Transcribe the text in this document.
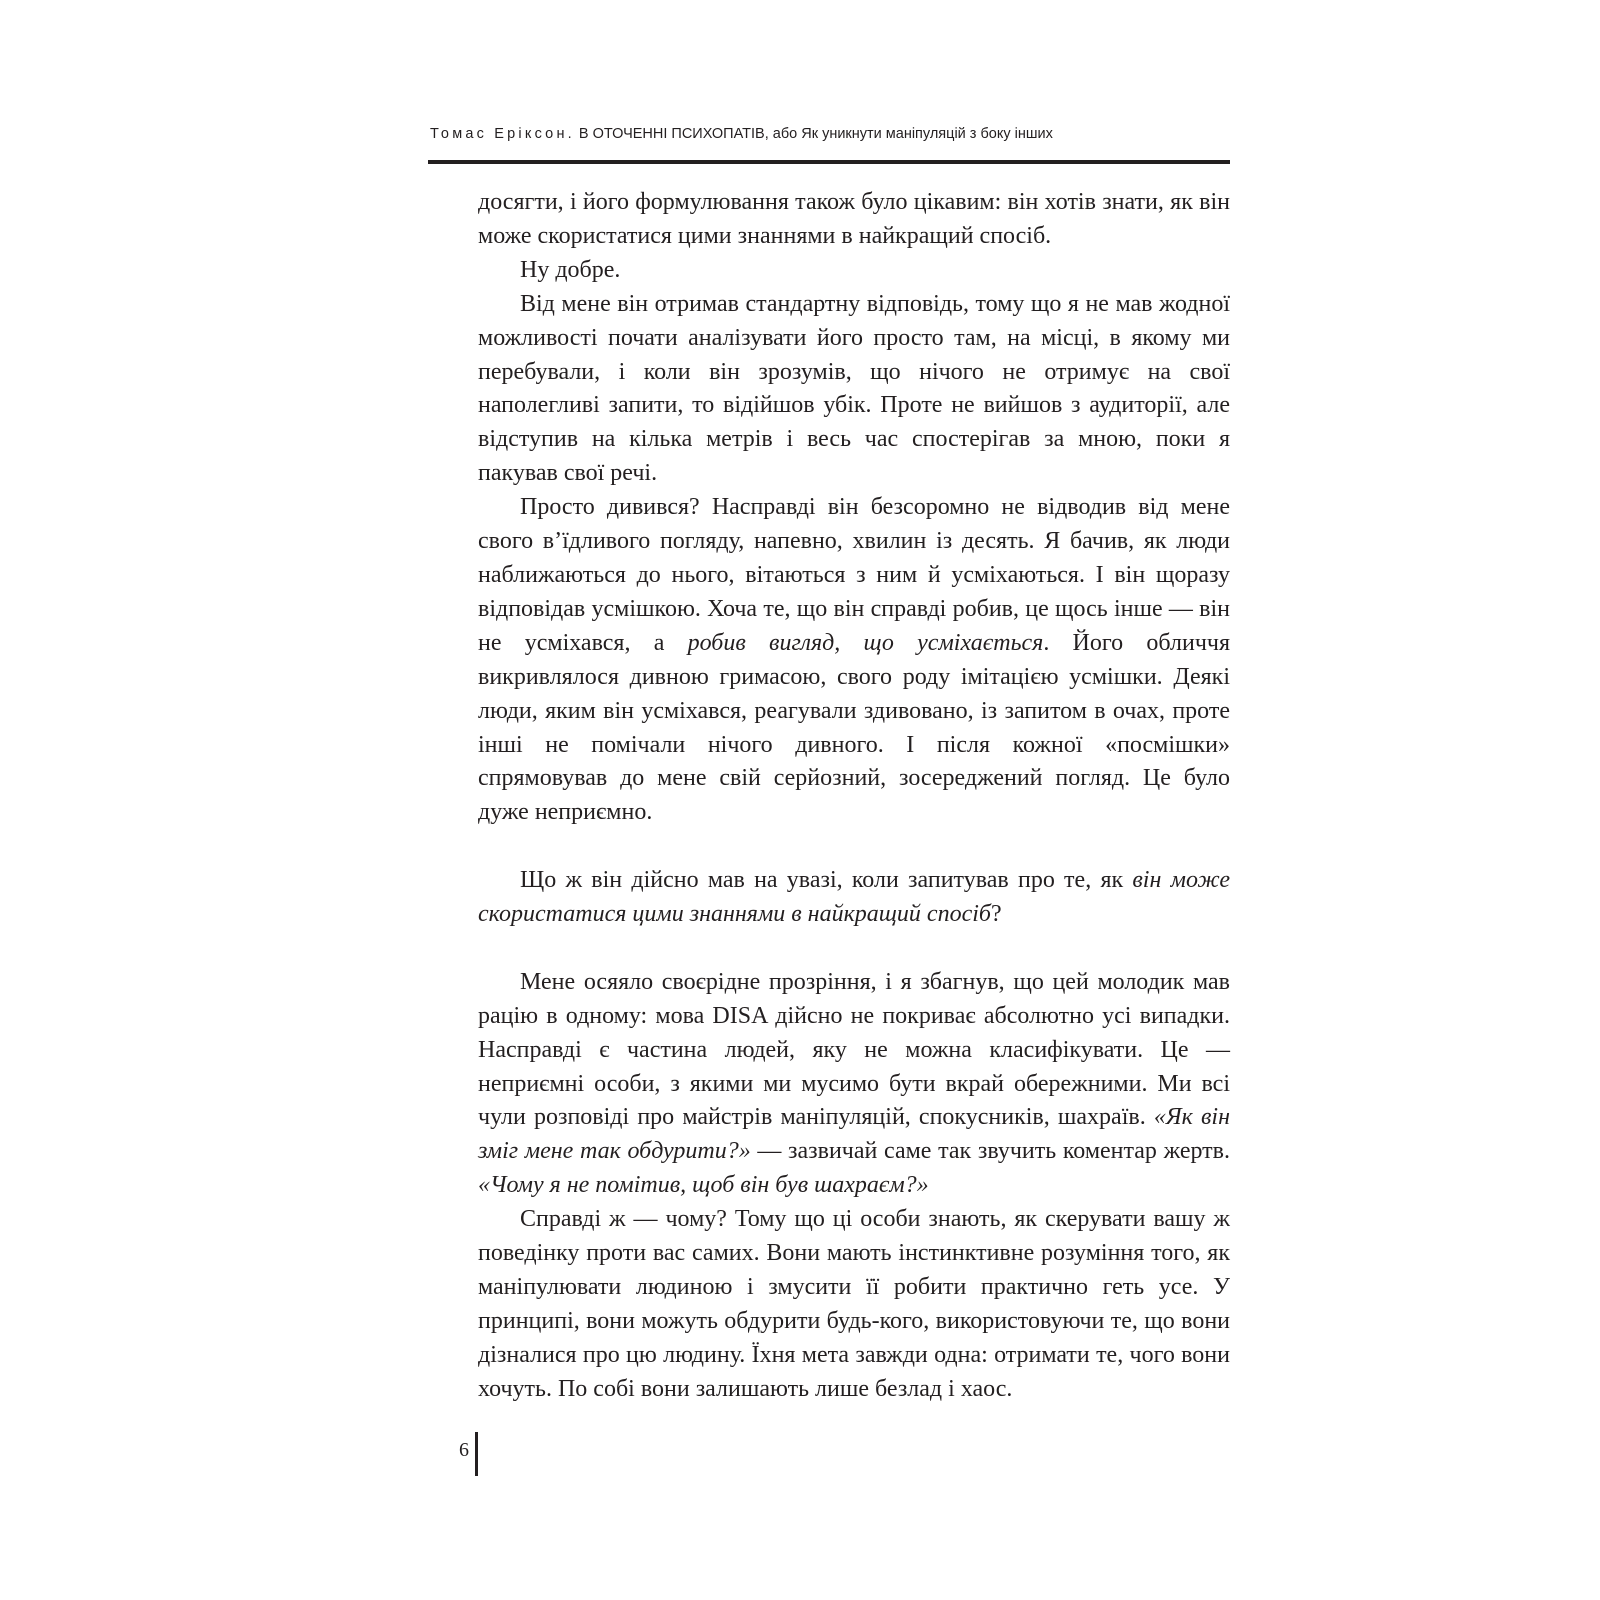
Томас Еріксон. В ОТОЧЕННІ ПСИХОПАТІВ, або Як уникнути маніпуляцій з боку інших

досягти, і його формулювання також було цікавим: він хотів знати, як він може скористатися цими знаннями в найкращий спосіб.

Ну добре.

Від мене він отримав стандартну відповідь, тому що я не мав жодної можливості почати аналізувати його просто там, на місці, в якому ми перебували, і коли він зрозумів, що нічого не отримує на свої наполегливі запити, то відійшов убік. Проте не вийшов з аудиторії, але відступив на кілька метрів і весь час спостерігав за мною, поки я пакував свої речі.

Просто дивився? Насправді він безсоромно не відводив від мене свого в’їдливого погляду, напевно, хвилин із десять. Я бачив, як люди наближаються до нього, вітаються з ним й усміхаються. І він щоразу відповідав усмішкою. Хоча те, що він справді робив, це щось інше — він не усміхався, а робив вигляд, що усміхається. Його обличчя викривлялося дивною гримасою, свого роду імітацією усмішки. Деякі люди, яким він усміхався, реагували здивовано, із запитом в очах, проте інші не помічали нічого дивного. І після кожної «посмішки» спрямовував до мене свій серйозний, зосереджений погляд. Це було дуже неприємно.

Що ж він дійсно мав на увазі, коли запитував про те, як він може скористатися цими знаннями в найкращий спосіб?

Мене осяяло своєрідне прозріння, і я збагнув, що цей молодик мав рацію в одному: мова DISA дійсно не покриває абсолютно усі випадки. Насправді є частина людей, яку не можна класифікувати. Це — неприємні особи, з якими ми мусимо бути вкрай обережними. Ми всі чули розповіді про майстрів маніпуляцій, спокусників, шахраїв. «Як він зміг мене так обдурити?» — зазвичай саме так звучить коментар жертв. «Чому я не помітив, щоб він був шахраєм?»

Справді ж — чому? Тому що ці особи знають, як скерувати вашу ж поведінку проти вас самих. Вони мають інстинктивне розуміння того, як маніпулювати людиною і змусити її робити практично геть усе. У принципі, вони можуть обдурити будь-кого, використовуючи те, що вони дізналися про цю людину. Їхня мета завжди одна: отримати те, чого вони хочуть. По собі вони залишають лише безлад і хаос.

6
